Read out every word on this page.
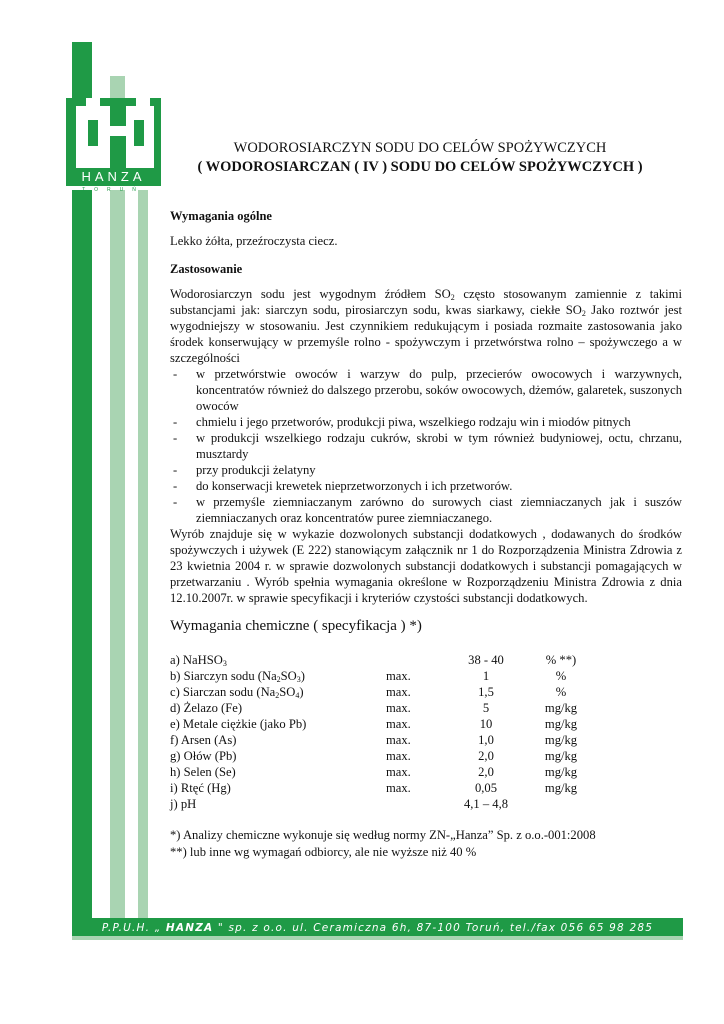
HANZA
TORUŃ
WODOROSIARCZYN SODU DO CELÓW SPOŻYWCZYCH
( WODOROSIARCZAN ( IV ) SODU DO CELÓW SPOŻYWCZYCH )
Wymagania ogólne
Lekko żółta, przeźroczysta ciecz.
Zastosowanie
Wodorosiarczyn sodu jest wygodnym źródłem $SO_2$ często stosowanym zamiennie z takimi substancjami jak: siarczyn sodu, pirosiarczyn sodu, kwas siarkawy, ciekłe $SO_2$ Jako roztwór jest wygodniejszy w stosowaniu. Jest czynnikiem redukującym i posiada rozmaite zastosowania jako środek konserwujący w przemyśle rolno - spożywczym i przetwórstwa rolno – spożywczego a w szczególności
- w przetwórstwie owoców i warzyw do pulp, przecierów owocowych i warzywnych, koncentratów również do dalszego przerobu, soków owocowych, dżemów, galaretek, suszonych owoców
- chmielu i jego przetworów, produkcji piwa, wszelkiego rodzaju win i miodów pitnych
- w produkcji wszelkiego rodzaju cukrów, skrobi w tym również budyniowej, octu, chrzanu, musztardy
- przy produkcji żelatyny
- do konserwacji krewetek nieprzetworzonych i ich przetworów.
- w przemyśle ziemniaczanym zarówno do surowych ciast ziemniaczanych jak i suszów ziemniaczanych oraz koncentratów puree ziemniaczanego.
Wyrób znajduje się w wykazie dozwolonych substancji dodatkowych , dodawanych do środków spożywczych i używek (E 222) stanowiącym załącznik nr 1 do Rozporządzenia Ministra Zdrowia z 23 kwietnia 2004 r. w sprawie dozwolonych substancji dodatkowych i substancji pomagających w przetwarzaniu . Wyrób spełnia wymagania określone w Rozporządzeniu Ministra Zdrowia z dnia 12.10.2007r. w sprawie specyfikacji i kryteriów czystości substancji dodatkowych.
Wymagania chemiczne ( specyfikacja ) *)
a) NaHSO$_3$		38 - 40	% **)
b) Siarczyn sodu $(Na_2SO_3)$	max.	1	%
c) Siarczan sodu $(Na_2SO_4)$	max.	1,5	%
d) Żelazo (Fe)	max.	5	mg/kg
e) Metale ciężkie (jako Pb)	max.	10	mg/kg
f) Arsen (As)	max.	1,0	mg/kg
g) Ołów (Pb)	max.	2,0	mg/kg
h) Selen (Se)	max.	2,0	mg/kg
i) Rtęć (Hg)	max.	0,05	mg/kg
j) pH		4,1 – 4,8	
*) Analizy chemiczne wykonuje się według normy ZN-„Hanza” Sp. z o.o.-001:2008
**) lub inne wg wymagań odbiorcy, ale nie wyższe niż 40 %
P.P.U.H. „ HANZA " sp. z o.o. ul. Ceramiczna 6h, 87-100 Toruń, tel./fax 056 65 98 285
